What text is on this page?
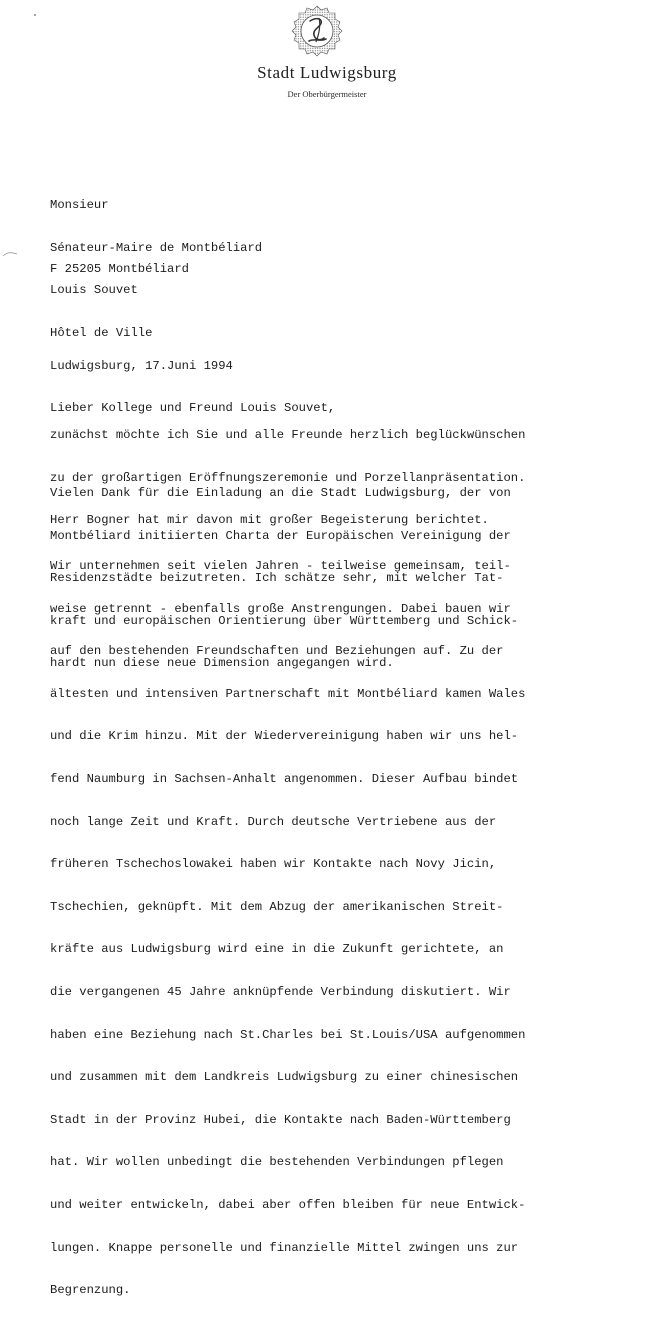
Stadt Ludwigsburg
Der Oberbürgermeister

Monsieur

Sénateur-Maire de Montbéliard

Louis Souvet

Hôtel de Ville

F 25205 Montbéliard

Ludwigsburg, 17.Juni 1994

Lieber Kollege und Freund Louis Souvet,

zunächst möchte ich Sie und alle Freunde herzlich beglückwünschen

zu der großartigen Eröffnungszeremonie und Porzellanpräsentation.

Herr Bogner hat mir davon mit großer Begeisterung berichtet.

Vielen Dank für die Einladung an die Stadt Ludwigsburg, der von

Montbéliard initiierten Charta der Europäischen Vereinigung der

Residenzstädte beizutreten. Ich schätze sehr, mit welcher Tat-

kraft und europäischen Orientierung über Württemberg und Schick-

hardt nun diese neue Dimension angegangen wird.

Wir unternehmen seit vielen Jahren - teilweise gemeinsam, teil-

weise getrennt - ebenfalls große Anstrengungen. Dabei bauen wir

auf den bestehenden Freundschaften und Beziehungen auf. Zu der

ältesten und intensiven Partnerschaft mit Montbéliard kamen Wales

und die Krim hinzu. Mit der Wiedervereinigung haben wir uns hel-

fend Naumburg in Sachsen-Anhalt angenommen. Dieser Aufbau bindet

noch lange Zeit und Kraft. Durch deutsche Vertriebene aus der

früheren Tschechoslowakei haben wir Kontakte nach Novy Jicin,

Tschechien, geknüpft. Mit dem Abzug der amerikanischen Streit-

kräfte aus Ludwigsburg wird eine in die Zukunft gerichtete, an

die vergangenen 45 Jahre anknüpfende Verbindung diskutiert. Wir

haben eine Beziehung nach St.Charles bei St.Louis/USA aufgenommen

und zusammen mit dem Landkreis Ludwigsburg zu einer chinesischen

Stadt in der Provinz Hubei, die Kontakte nach Baden-Württemberg

hat. Wir wollen unbedingt die bestehenden Verbindungen pflegen

und weiter entwickeln, dabei aber offen bleiben für neue Entwick-

lungen. Knappe personelle und finanzielle Mittel zwingen uns zur

Begrenzung.
